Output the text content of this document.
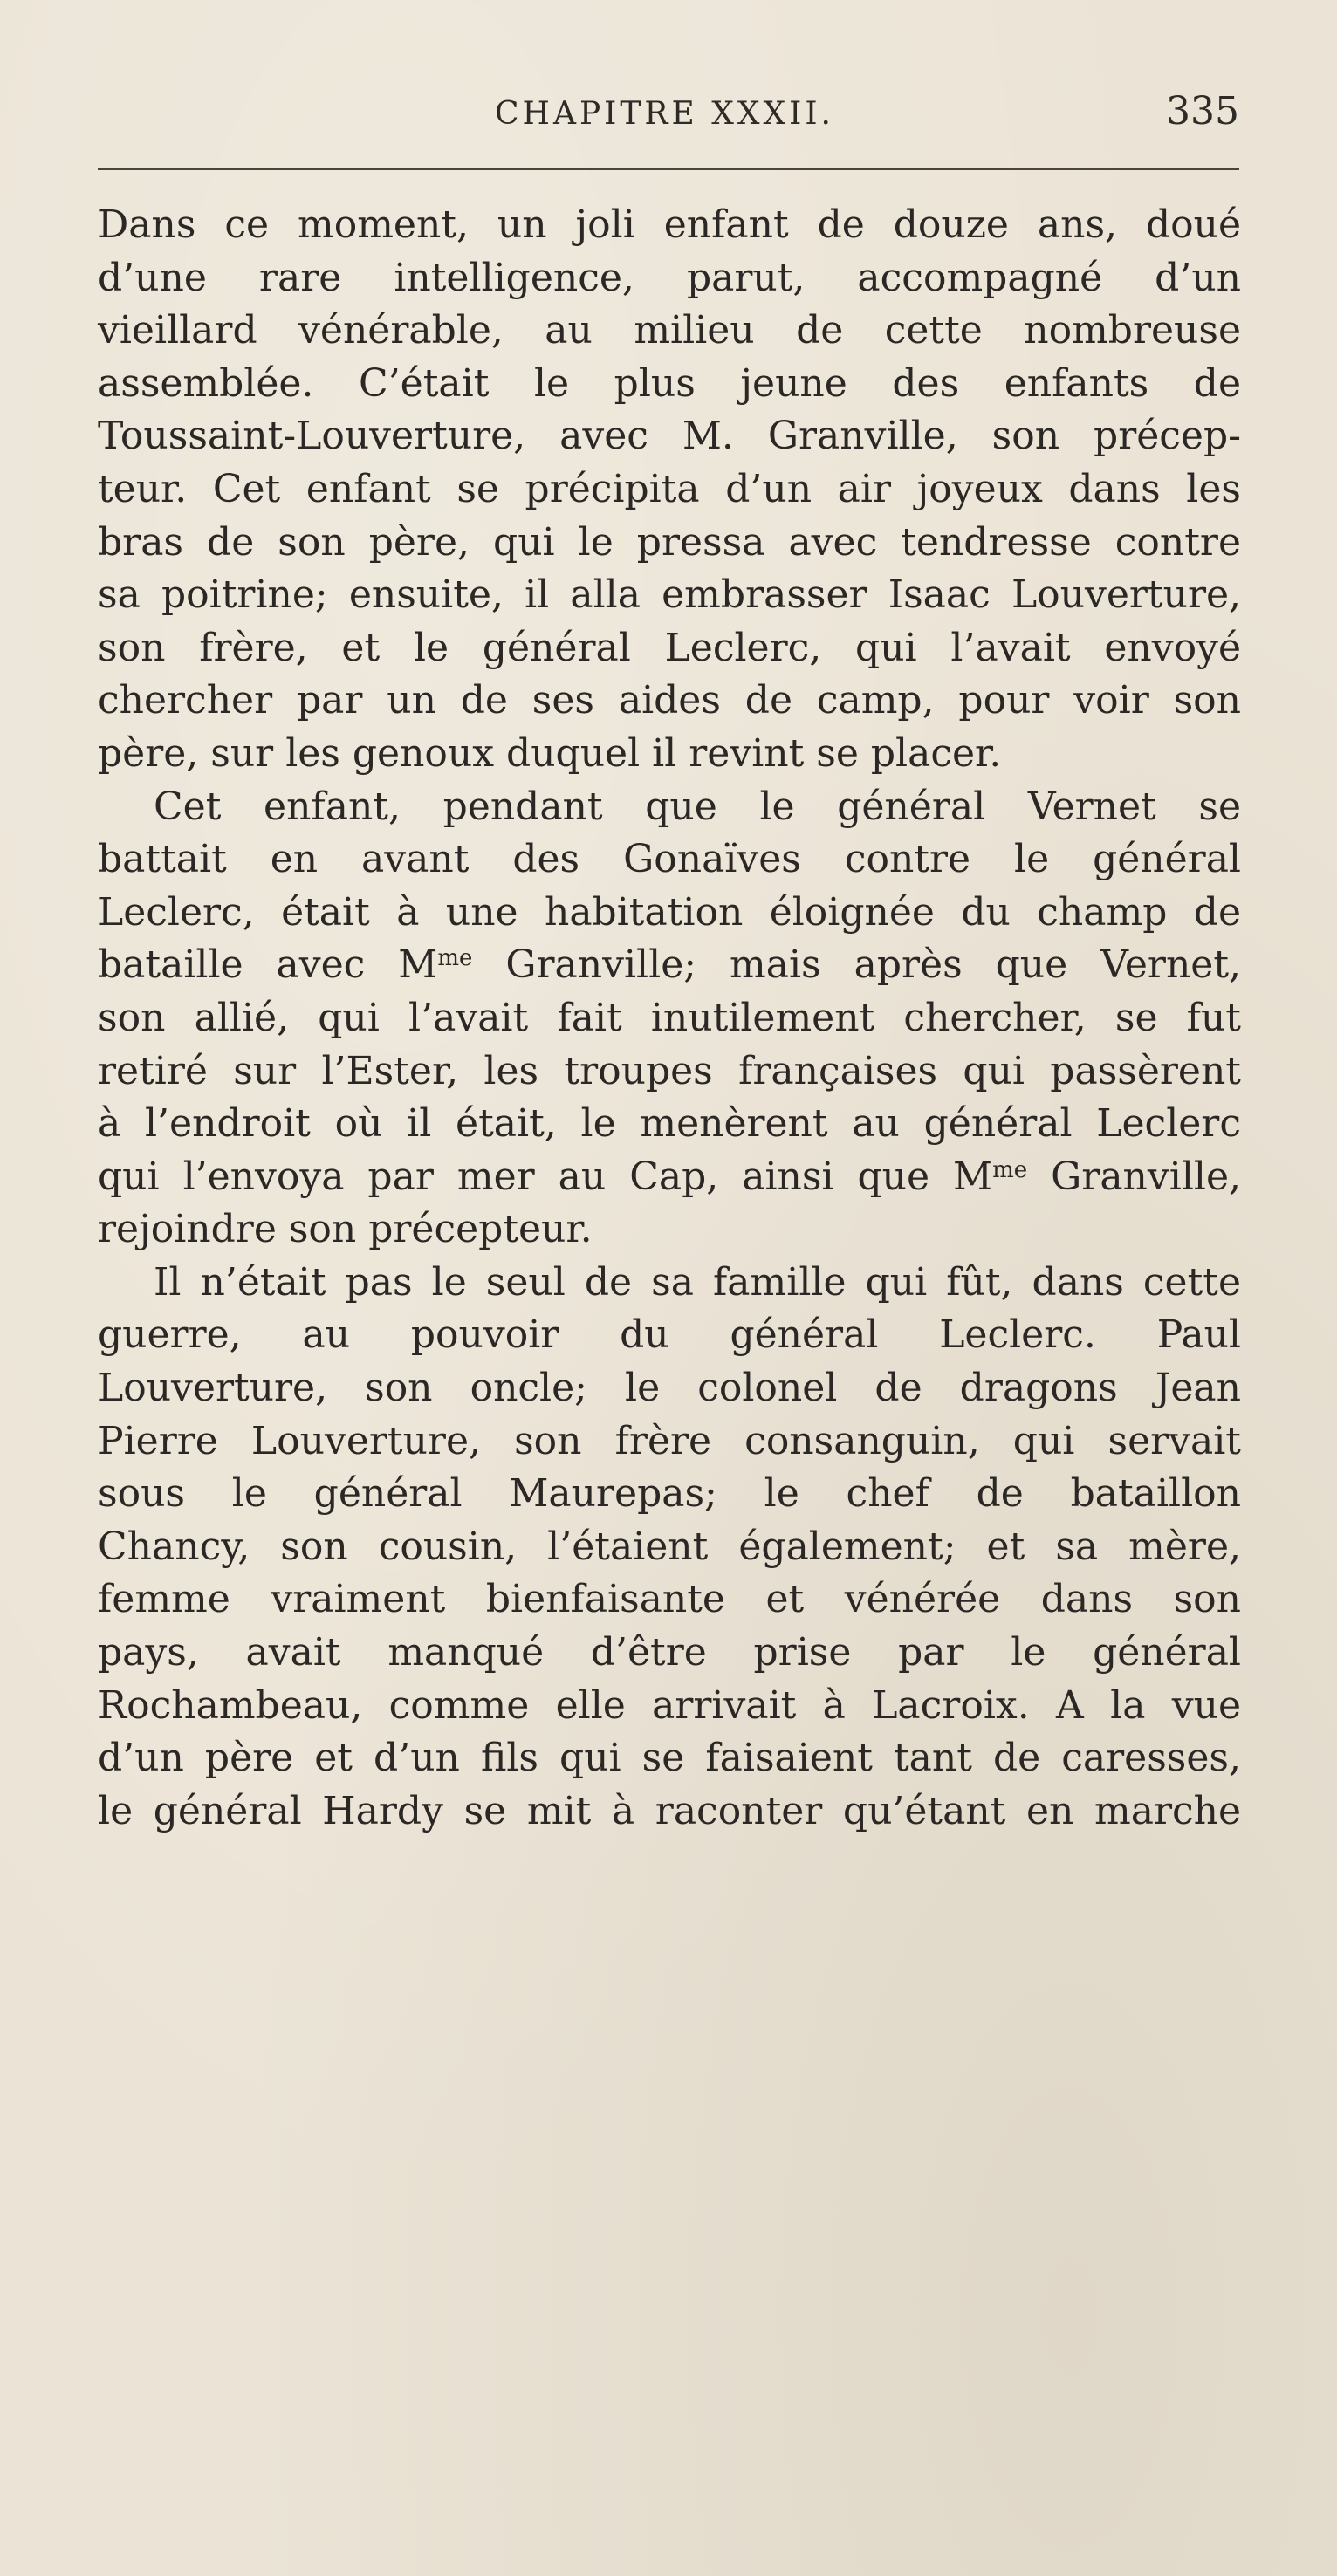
CHAPITRE XXXII.	335
Dans ce moment, un joli enfant de douze ans, doué
d’une rare intelligence, parut, accompagné d’un
vieillard vénérable, au milieu de cette nombreuse
assemblée. C’était le plus jeune des enfants de
Toussaint-Louverture, avec M. Granville, son précep-
teur. Cet enfant se précipita d’un air joyeux dans les
bras de son père, qui le pressa avec tendresse contre
sa poitrine; ensuite, il alla embrasser Isaac Louverture,
son frère, et le général Leclerc, qui l’avait envoyé
chercher par un de ses aides de camp, pour voir son
père, sur les genoux duquel il revint se placer.
Cet enfant, pendant que le général Vernet se
battait en avant des Gonaïves contre le général
Leclerc, était à une habitation éloignée du champ de
bataille avec $M^{me}$ Granville; mais après que Vernet,
son allié, qui l’avait fait inutilement chercher, se fut
retiré sur l’Ester, les troupes françaises qui passèrent
à l’endroit où il était, le menèrent au général Leclerc
qui l’envoya par mer au Cap, ainsi que $M^{me}$ Granville,
rejoindre son précepteur.
Il n’était pas le seul de sa famille qui fût, dans cette
guerre, au pouvoir du général Leclerc. Paul
Louverture, son oncle; le colonel de dragons Jean
Pierre Louverture, son frère consanguin, qui servait
sous le général Maurepas; le chef de bataillon
Chancy, son cousin, l’étaient également; et sa mère,
femme vraiment bienfaisante et vénérée dans son
pays, avait manqué d’être prise par le général
Rochambeau, comme elle arrivait à Lacroix. A la vue
d’un père et d’un fils qui se faisaient tant de caresses,
le général Hardy se mit à raconter qu’étant en marche
